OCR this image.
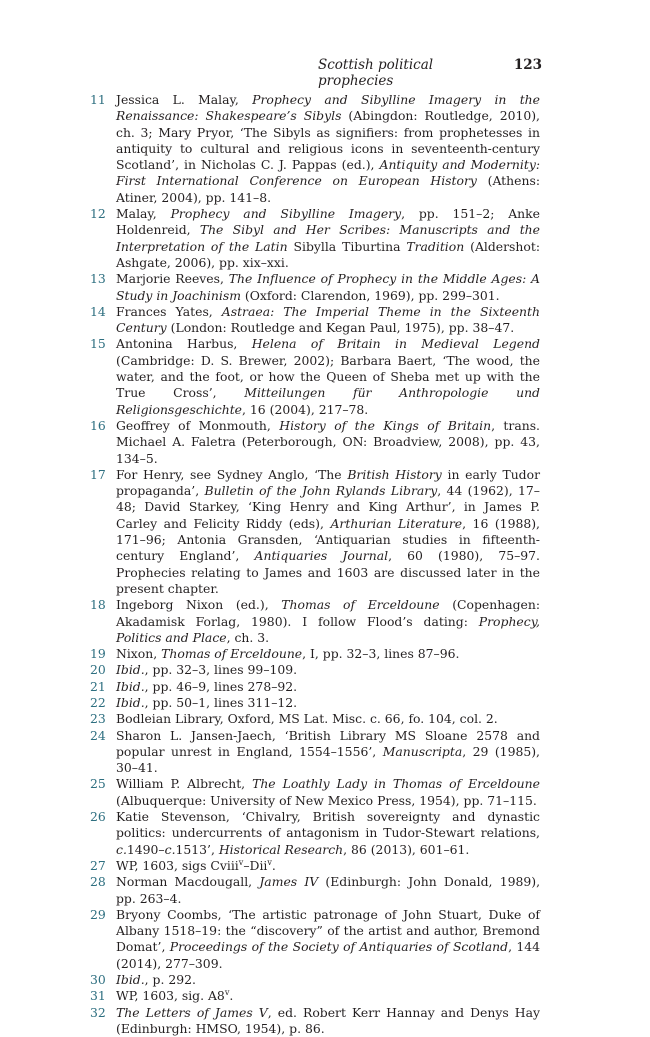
Scottish political prophecies
123
11 Jessica L. Malay, Prophecy and Sibylline Imagery in the Renaissance: Shakespeare’s Sibyls (Abingdon: Routledge, 2010), ch. 3; Mary Pryor, ‘The Sibyls as signifiers: from prophetesses in antiquity to cultural and religious icons in seventeenth-century Scotland’, in Nicholas C. J. Pappas (ed.), Antiquity and Modernity: First International Conference on European History (Athens: Atiner, 2004), pp. 141–8.

12 Malay, Prophecy and Sibylline Imagery, pp. 151–2; Anke Holdenreid, The Sibyl and Her Scribes: Manuscripts and the Interpretation of the Latin Sibylla Tiburtina Tradition (Aldershot: Ashgate, 2006), pp. xix–xxi.

13 Marjorie Reeves, The Influence of Prophecy in the Middle Ages: A Study in Joachinism (Oxford: Clarendon, 1969), pp. 299–301.

14 Frances Yates, Astraea: The Imperial Theme in the Sixteenth Century (London: Routledge and Kegan Paul, 1975), pp. 38–47.

15 Antonina Harbus, Helena of Britain in Medieval Legend (Cambridge: D. S. Brewer, 2002); Barbara Baert, ‘The wood, the water, and the foot, or how the Queen of Sheba met up with the True Cross’, Mitteilungen für Anthropologie und Religionsgeschichte, 16 (2004), 217–78.

16 Geoffrey of Monmouth, History of the Kings of Britain, trans. Michael A. Faletra (Peterborough, ON: Broadview, 2008), pp. 43, 134–5.

17 For Henry, see Sydney Anglo, ‘The British History in early Tudor propaganda’, Bulletin of the John Rylands Library, 44 (1962), 17–48; David Starkey, ‘King Henry and King Arthur’, in James P. Carley and Felicity Riddy (eds), Arthurian Literature, 16 (1988), 171–96; Antonia Gransden, ‘Antiquarian studies in fifteenth-century England’, Antiquaries Journal, 60 (1980), 75–97. Prophecies relating to James and 1603 are discussed later in the present chapter.

18 Ingeborg Nixon (ed.), Thomas of Erceldoune (Copenhagen: Akadamisk Forlag, 1980). I follow Flood’s dating: Prophecy, Politics and Place, ch. 3.

19 Nixon, Thomas of Erceldoune, I, pp. 32–3, lines 87–96.

20 Ibid., pp. 32–3, lines 99–109.

21 Ibid., pp. 46–9, lines 278–92.

22 Ibid., pp. 50–1, lines 311–12.

23 Bodleian Library, Oxford, MS Lat. Misc. c. 66, fo. 104, col. 2.

24 Sharon L. Jansen-Jaech, ‘British Library MS Sloane 2578 and popular unrest in England, 1554–1556’, Manuscripta, 29 (1985), 30–41.

25 William P. Albrecht, The Loathly Lady in Thomas of Erceldoune (Albuquerque: University of New Mexico Press, 1954), pp. 71–115.

26 Katie Stevenson, ‘Chivalry, British sovereignty and dynastic politics: undercurrents of antagonism in Tudor-Stewart relations, c.1490–c.1513’, Historical Research, 86 (2013), 601–61.

27 WP, 1603, sigs Cviii$^v$–Dii$^v$.

28 Norman Macdougall, James IV (Edinburgh: John Donald, 1989), pp. 263–4.

29 Bryony Coombs, ‘The artistic patronage of John Stuart, Duke of Albany 1518–19: the “discovery” of the artist and author, Bremond Domat’, Proceedings of the Society of Antiquaries of Scotland, 144 (2014), 277–309.

30 Ibid., p. 292.

31 WP, 1603, sig. A8$^v$.

32 The Letters of James V, ed. Robert Kerr Hannay and Denys Hay (Edinburgh: HMSO, 1954), p. 86.
